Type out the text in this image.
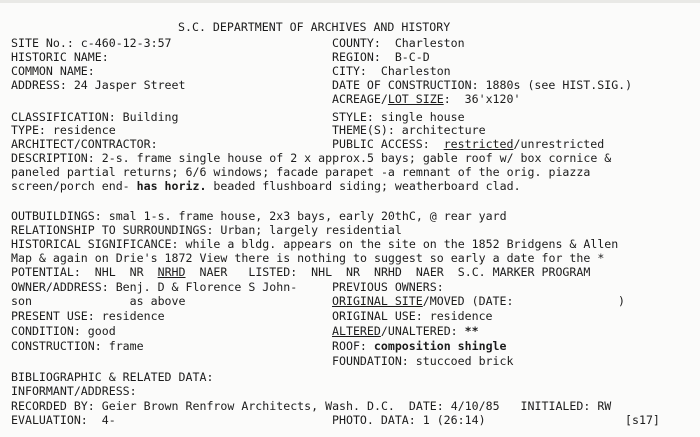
S.C. DEPARTMENT OF ARCHIVES AND HISTORY
SITE No.: c-460-12-3:57
HISTORIC NAME:
COMMON NAME:
ADDRESS: 24 Jasper Street
CLASSIFICATION: Building
TYPE: residence
ARCHITECT/CONTRACTOR:
COUNTY:  Charleston
REGION:  B-C-D
CITY:  Charleston
DATE OF CONSTRUCTION: 1880s (see HIST.SIG.)
ACREAGE/LOT SIZE:  36'x120'
STYLE: single house
THEME(S): architecture
PUBLIC ACCESS:  restricted/unrestricted
DESCRIPTION: 2-s. frame single house of 2 x approx.5 bays; gable roof w/ box cornice &
paneled partial returns; 6/6 windows; facade parapet -a remnant of the orig. piazza
screen/porch end- has horiz. beaded flushboard siding; weatherboard clad.
OUTBUILDINGS: smal 1-s. frame house, 2x3 bays, early 20thC, @ rear yard
RELATIONSHIP TO SURROUNDINGS: Urban; largely residential
HISTORICAL SIGNIFICANCE: while a bldg. appears on the site on the 1852 Bridgens & Allen
Map & again on Drie's 1872 View there is nothing to suggest so early a date for the *
POTENTIAL:  NHL  NR  NRHD  NAER   LISTED:  NHL  NR  NRHD  NAER  S.C. MARKER PROGRAM
OWNER/ADDRESS: Benj. D & Florence S John-
son              as above
PRESENT USE: residence
CONDITION: good
CONSTRUCTION: frame
PREVIOUS OWNERS:
ORIGINAL SITE/MOVED (DATE:	)
ORIGINAL USE: residence
ALTERED/UNALTERED: **
ROOF: composition shingle
FOUNDATION: stuccoed brick
BIBLIOGRAPHIC & RELATED DATA:
INFORMANT/ADDRESS:
RECORDED BY: Geier Brown Renfrow Architects, Wash. D.C.  DATE: 4/10/85   INITIALED: RW
EVALUATION:  4-	PHOTO. DATA: 1 (26:14)	[s17]
